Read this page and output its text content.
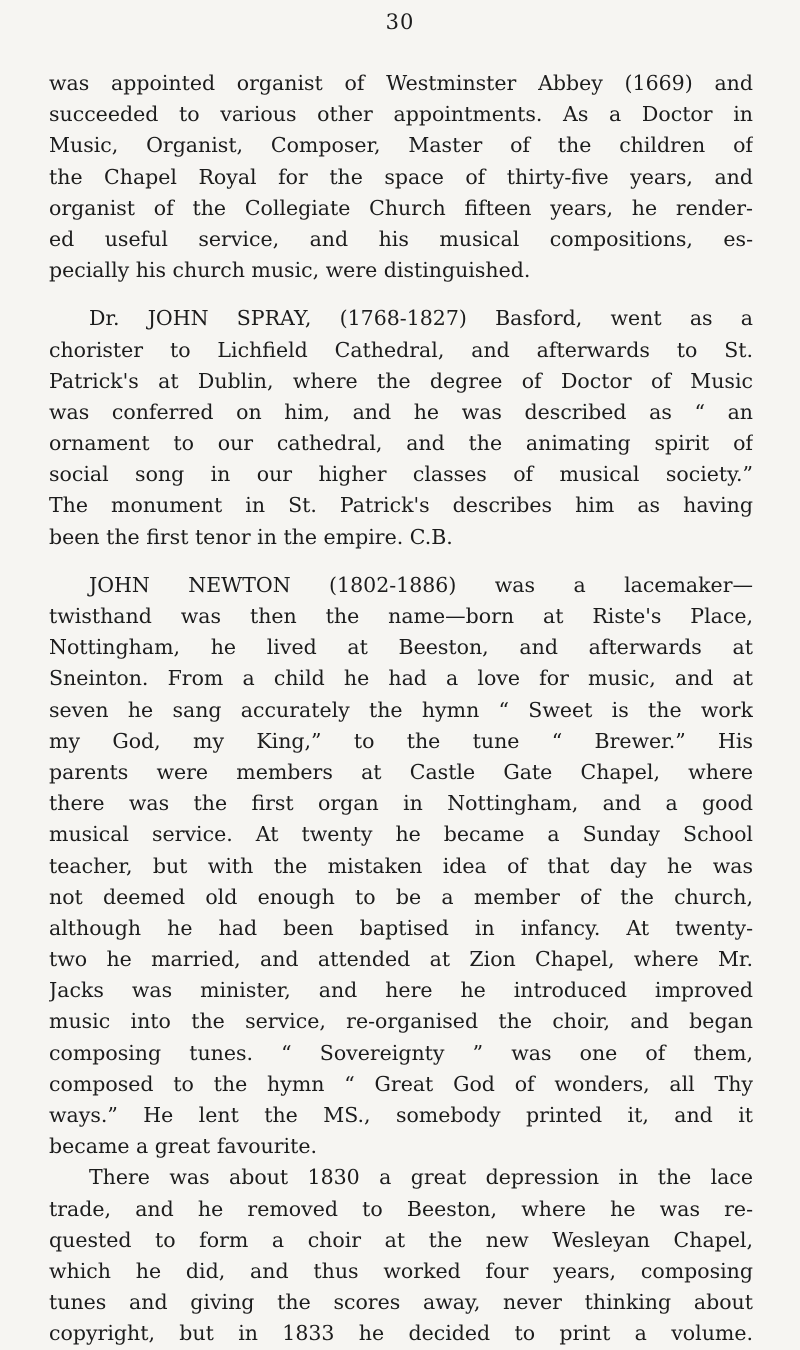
30
was appointed organist of Westminster Abbey (1669) and
succeeded to various other appointments. As a Doctor in
Music, Organist, Composer, Master of the children of
the Chapel Royal for the space of thirty-five years, and
organist of the Collegiate Church fifteen years, he render-
ed useful service, and his musical compositions, es-
pecially his church music, were distinguished.
Dr. JOHN SPRAY, (1768-1827) Basford, went as a
chorister to Lichfield Cathedral, and afterwards to St.
Patrick's at Dublin, where the degree of Doctor of Music
was conferred on him, and he was described as “ an
ornament to our cathedral, and the animating spirit of
social song in our higher classes of musical society.”
The monument in St. Patrick's describes him as having
been the first tenor in the empire. C.B.
JOHN NEWTON (1802-1886) was a lacemaker—
twisthand was then the name—born at Riste's Place,
Nottingham, he lived at Beeston, and afterwards at
Sneinton. From a child he had a love for music, and at
seven he sang accurately the hymn “ Sweet is the work
my God, my King,” to the tune “ Brewer.” His
parents were members at Castle Gate Chapel, where
there was the first organ in Nottingham, and a good
musical service. At twenty he became a Sunday School
teacher, but with the mistaken idea of that day he was
not deemed old enough to be a member of the church,
although he had been baptised in infancy. At twenty-
two he married, and attended at Zion Chapel, where Mr.
Jacks was minister, and here he introduced improved
music into the service, re-organised the choir, and began
composing tunes. “ Sovereignty ” was one of them,
composed to the hymn “ Great God of wonders, all Thy
ways.” He lent the MS., somebody printed it, and it
became a great favourite.
There was about 1830 a great depression in the lace
trade, and he removed to Beeston, where he was re-
quested to form a choir at the new Wesleyan Chapel,
which he did, and thus worked four years, composing
tunes and giving the scores away, never thinking about
copyright, but in 1833 he decided to print a volume.
